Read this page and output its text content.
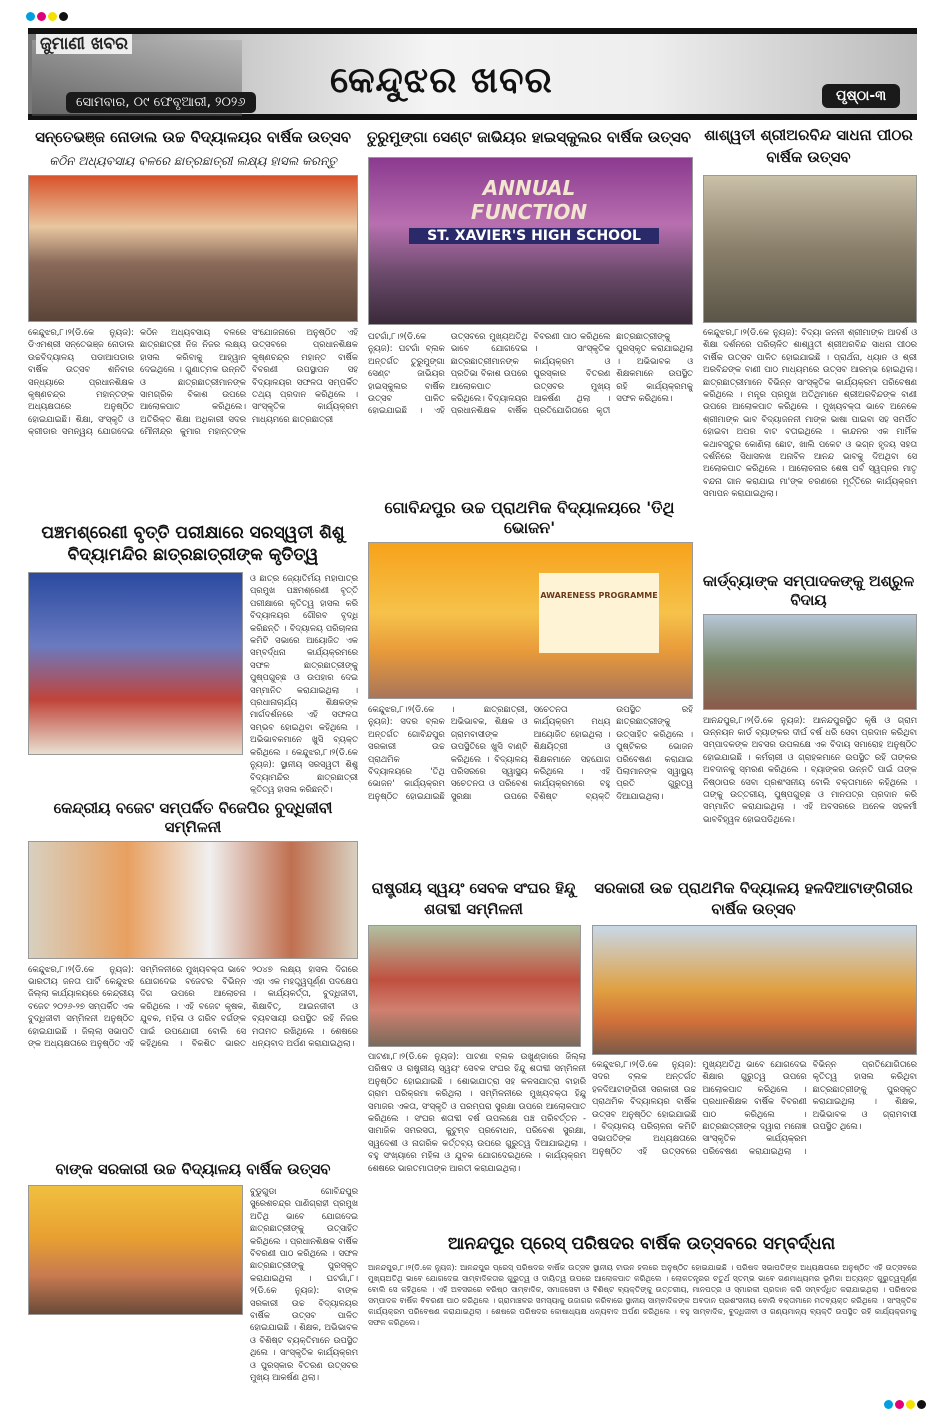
ଜୁମାଣୀ ଖବର
ସୋମବାର, ୦୯ ଫେବୃଆରୀ, ୨୦୨୬
କେନ୍ଦୁଝର ଖବର	ପୃଷ୍ଠା-୩
ସନ୍ତେଭଞ୍ଜ ନୋଡାଲ ଉଚ୍ଚ ବିଦ୍ୟାଳୟର ବାର୍ଷିକ ଉତ୍ସବ
କଠିନ ଅଧ୍ୟବସାୟ ବଳରେ ଛାତ୍ରଛାତ୍ରୀ ଲକ୍ଷ୍ୟ ହାସଲ କରନ୍ତୁ
କେନ୍ଦୁଝର,୮।୨(ଡି.କେ ନ୍ୟୁଜ): ଡିଏମଶ୍ରୀ ସନ୍ତେଭଞ୍ଜ ନୋଡାଲ ଉଚ୍ଚବିଦ୍ୟାଳୟ ପଡାଆପଡାର ବାର୍ଷିକ ଉତ୍ସବ ଶନିବାର ସନ୍ଧ୍ୟାରେ ପ୍ରଧାନଶିକ୍ଷକ କୃଷ୍ଣଚନ୍ଦ୍ର ମହାନ୍ତଙ୍କ ଅଧ୍ୟକ୍ଷତାରେ ଅନୁଷ୍ଠିତ ହୋଇଯାଇଛି। ଶିକ୍ଷା, ସଂସ୍କୃତି ଓ କ୍ରୀଡାର ସମନ୍ୱୟ ଯୋଗଦେଇ କଠିନ ଅଧ୍ୟବସାୟ ବଳରେ ଛାତ୍ରଛାତ୍ରୀ ନିଜ ନିଜର ଲକ୍ଷ୍ୟ ହାସଲ କରିବାକୁ ଆହ୍ୱାନ ଦେଇଥିଲେ । ଗୁଣାତ୍ମକ ଉନ୍ନତି ଓ ଛାତ୍ରଛାତ୍ରୀମାନଙ୍କ ସାମଗ୍ରିକ ବିକାଶ ଉପରେ ଆଲୋକପାତ କରିଥିଲେ। ଅତିରିକ୍ତ ଶିକ୍ଷା ଅଧିକାରୀ ସଦର ମୌନୀନ୍ଦ୍ର କୁମାର ମହାନ୍ତଙ୍କ ସଂଯୋଜନାରେ ଅନୁଷ୍ଠିତ ଏହି ଉତ୍ସବରେ ପ୍ରଧାନଶିକ୍ଷକ କୃଷ୍ଣଚନ୍ଦ୍ର ମହାନ୍ତ ବାର୍ଷିକ ବିବରଣୀ ଉପସ୍ଥାପନ ସହ ବିଦ୍ୟାଳୟର ସଫଳତା ସମ୍ପର୍କିତ ତଥ୍ୟ ପ୍ରଦାନ କରିଥିଲେ । ସାଂସ୍କୃତିକ କାର୍ଯ୍ୟକ୍ରମ ମାଧ୍ୟମରେ ଛାତ୍ରଛାତ୍ରୀ
ତୁରୁମୁଙ୍ଗା ସେଣ୍ଟ ଜାଭିୟର ହାଇସ୍କୁଲର ବାର୍ଷିକ ଉତ୍ସବ
ANNUAL FUNCTION
ST. XAVIER'S HIGH SCHOOL
ଘଟଗାଁ,୮।୨(ଡି.କେ ନ୍ୟୁଜ): ଘଟଗାଁ ବ୍ଲକ ଅନ୍ତର୍ଗତ ତୁରୁମୁଙ୍ଗା ସେଣ୍ଟ ଜାଭିୟର ହାଇସ୍କୁଲର ବାର୍ଷିକ ଉତ୍ସବ ପାଳିତ ହୋଇଯାଇଛି । ଏହି ଉତ୍ସବରେ ମୁଖ୍ୟଅତିଥି ଭାବେ ଯୋଗଦେଇ ଛାତ୍ରଛାତ୍ରୀମାନଙ୍କ ପ୍ରତିଭା ବିକାଶ ଉପରେ ଆଲୋକପାତ କରିଥିଲେ। ବିଦ୍ୟାଳୟର ପ୍ରଧାନଶିକ୍ଷକ ବାର୍ଷିକ ବିବରଣୀ ପାଠ କରିଥିଲେ । ସାଂସ୍କୃତିକ କାର୍ଯ୍ୟକ୍ରମ ଓ ପୁରସ୍କାର ବିତରଣ ଉତ୍ସବର ମୁଖ୍ୟ ଆକର୍ଷଣ ଥିଲା । ପ୍ରତିଯୋଗିତାରେ କୃତୀ ଛାତ୍ରଛାତ୍ରୀଙ୍କୁ ପୁରସ୍କୃତ କରାଯାଇଥିଲା । ଅଭିଭାବକ ଓ ଶିକ୍ଷକମାନେ ଉପସ୍ଥିତ ରହି କାର୍ଯ୍ୟକ୍ରମକୁ ସଫଳ କରିଥିଲେ।
ଶାଶ୍ୱତୀ ଶ୍ରୀଅରବିନ୍ଦ ସାଧନା ପୀଠର ବାର୍ଷିକ ଉତ୍ସବ
କେନ୍ଦୁଝର,୮।୨(ଡି.କେ ନ୍ୟୁଜ): ବିଦ୍ୟା ଜନନୀ ଶ୍ରୀମାଙ୍କ ଆଦର୍ଶ ଓ ଶିକ୍ଷା ଦର୍ଶନରେ ପରିଚାଳିତ ଶାଶ୍ୱତୀ ଶ୍ରୀଅରବିନ୍ଦ ସାଧନା ପୀଠର ବାର୍ଷିକ ଉତ୍ସବ ପାଳିତ ହୋଇଯାଇଛି । ପ୍ରାର୍ଥନା, ଧ୍ୟାନ ଓ ଶ୍ରୀ ଅରବିନ୍ଦଙ୍କ ବାଣୀ ପାଠ ମାଧ୍ୟମରେ ଉତ୍ସବ ଆରମ୍ଭ ହୋଇଥିଲା। ଛାତ୍ରଛାତ୍ରୀମାନେ ବିଭିନ୍ନ ସାଂସ୍କୃତିକ କାର୍ଯ୍ୟକ୍ରମ ପରିବେଷଣ କରିଥିଲେ । ମନ୍ତ୍ର ପ୍ରମୁଖ ଅତିଥିମାନେ ଶ୍ରୀଅରବିନ୍ଦଙ୍କ ବାଣୀ ଉପରେ ଆଲୋକପାତ କରିଥିଲେ । ମୁଖ୍ୟବକ୍ତା ଭାବେ ଅନେକେ ଶ୍ରୀମାଙ୍କ ଭାବ ବିଦ୍ୟାଜନନୀ ମାଙ୍କ ଭାଷା ପାଇବା ସହ ସମର୍ପିତ ହୋଇବା ଅପର ବାଟ ବତାଇଥିଲେ । କାନ୍ଦନର ଏକ ମାର୍ମିକ କଥାବସ୍ତୁର କୋଣିଲା ଛୋଟ, ଖାଲି ପକେଟ ଓ ଭଗ୍ନ ହୃଦୟ ସହତା ଦର୍ଶନିରେ ସିଧାସଳଖ ଅନାବିଳ ଆନନ୍ଦ ଭାବକୁ ଦିଅଥିବା ସେ ଅଲୋକପାତ କରିଥିଲେ । ଆଲୋଚନାର ଶେଷ ପର୍ବ ସ୍ୱପ୍ନର ମାତୃ ବନ୍ଦନା ଗାନ କରାଯାଇ ମା'ଙ୍କ ଚରଣରେ ମୂର୍ତ୍ତିରେ କାର୍ଯ୍ୟକ୍ରମ ସମାପନ କରାଯାଇଥିଲା।
ଗୋବିନ୍ଦପୁର ଉଚ୍ଚ ପ୍ରାଥମିକ ବିଦ୍ୟାଳୟରେ 'ତିଥି ଭୋଜନ'
AWARENESS PROGRAMME
କେନ୍ଦୁଝର,୮।୨(ଡି.କେ ନ୍ୟୁଜ): ସଦର ବ୍ଲକ ଅନ୍ତର୍ଗତ ଗୋବିନ୍ଦପୁର ସରକାରୀ ଉଚ୍ଚ ପ୍ରାଥମିକ ବିଦ୍ୟାଳୟରେ 'ତିଥି ଭୋଜନ' କାର୍ଯ୍ୟକ୍ରମ ଅନୁଷ୍ଠିତ ହୋଇଯାଇଛି । ଛାତ୍ରଛାତ୍ରୀ, ଅଭିଭାବକ, ଶିକ୍ଷକ ଓ ଗ୍ରାମବାସୀଙ୍କ ଉପସ୍ଥିତିରେ ଖୁସି ବାଣ୍ଟି କରିଥିଲେ । ବିଦ୍ୟାଳୟ ପରିସରରେ ସ୍ୱାସ୍ଥ୍ୟ ସଚେତନତା ଓ ପରିବେଶ ସୁରକ୍ଷା ଉପରେ ସଚେତନତା କାର୍ଯ୍ୟକ୍ରମ ମଧ୍ୟ ଆୟୋଜିତ ହୋଇଥିଲା । ଶିକ୍ଷୟିତ୍ରୀ ଓ ଶିକ୍ଷକମାନେ ସହଯୋଗ କରିଥିଲେ । ଏହି କାର୍ଯ୍ୟକ୍ରମରେ ବହୁ ବିଶିଷ୍ଟ ବ୍ୟକ୍ତି ଉପସ୍ଥିତ ରହି ଛାତ୍ରଛାତ୍ରୀଙ୍କୁ ଉତ୍ସାହିତ କରିଥିଲେ । ପୁଷ୍ଟିକର ଭୋଜନ ପରିବେଷଣ କରାଯାଇ ପିଲାମାନଙ୍କ ସ୍ୱାସ୍ଥ୍ୟ ପ୍ରତି ଗୁରୁତ୍ୱ ଦିଆଯାଇଥିଲା।
ପଞ୍ଚମଶ୍ରେଣୀ ବୃତ୍ତି ପରୀକ୍ଷାରେ ସରସ୍ୱତୀ ଶିଶୁ ବିଦ୍ୟାମନ୍ଦିର ଛାତ୍ରଛାତ୍ରୀଙ୍କ କୃତିତ୍ୱ
ଓ ଛାତ୍ର ଜ୍ୟୋତିର୍ମୟ ମହାପାତ୍ର ପ୍ରମୁଖ ପଞ୍ଚମଶ୍ରେଣୀ ବୃତ୍ତି ପରୀକ୍ଷାରେ କୃତିତ୍ୱ ହାସଲ କରି ବିଦ୍ୟାଳୟର ଗୌରବ ବୃଦ୍ଧି କରିଛନ୍ତି । ବିଦ୍ୟାଳୟ ପରିଚାଳନା କମିଟି ସଭାରେ ଆୟୋଜିତ ଏକ ସମ୍ବର୍ଦ୍ଧନା କାର୍ଯ୍ୟକ୍ରମରେ ସଫଳ ଛାତ୍ରଛାତ୍ରୀଙ୍କୁ ପୁଷ୍ପଗୁଚ୍ଛ ଓ ଉପହାର ଦେଇ ସମ୍ମାନିତ କରାଯାଇଥିଲା । ପ୍ରଧାନାଚାର୍ଯ୍ୟ ଶିକ୍ଷକଙ୍କ ମାର୍ଗଦର୍ଶନରେ ଏହି ସଫଳତା ସମ୍ଭବ ହୋଇଥିବା କହିଥିଲେ । ଅଭିଭାବକମାନେ ଖୁସି ବ୍ୟକ୍ତ କରିଥିଲେ । କେନ୍ଦୁଝର,୮।୨(ଡି.କେ ନ୍ୟୁଜ): ସ୍ଥାନୀୟ ସରସ୍ୱତୀ ଶିଶୁ ବିଦ୍ୟାମନ୍ଦିର ଛାତ୍ରଛାତ୍ରୀ କୃତିତ୍ୱ ହାସଲ କରିଛନ୍ତି।
କାର୍ଡ୍‌ବ୍ୟାଙ୍କ ସମ୍ପାଦକଙ୍କୁ ଅଶ୍ରୁଳ ବିଦାୟ
ଆନନ୍ଦପୁର,୮।୨(ଡି.କେ ନ୍ୟୁଜ): ଆନନ୍ଦପୁରସ୍ଥିତ କୃଷି ଓ ଗ୍ରାମ ଉନ୍ନୟନ କାର୍ଡ ବ୍ୟାଙ୍କର ଦୀର୍ଘ ବର୍ଷ ଧରି ସେବା ପ୍ରଦାନ କରିଥିବା ସମ୍ପାଦକଙ୍କ ଅବସର ଉପଲକ୍ଷେ ଏକ ବିଦାୟ ସମାରୋହ ଅନୁଷ୍ଠିତ ହୋଇଯାଇଛି । କର୍ମଚାରୀ ଓ ଗ୍ରାହକମାନେ ଉପସ୍ଥିତ ରହି ତାଙ୍କର ଅବଦାନକୁ ସ୍ମରଣ କରିଥିଲେ । ବ୍ୟାଙ୍କର ଉନ୍ନତି ପାଇଁ ତାଙ୍କ ନିଷ୍ଠାପର ସେବା ପ୍ରଶଂସନୀୟ ବୋଲି ବକ୍ତାମାନେ କହିଥିଲେ । ତାଙ୍କୁ ଉତ୍ତରୀୟ, ପୁଷ୍ପଗୁଚ୍ଛ ଓ ମାନପତ୍ର ପ୍ରଦାନ କରି ସମ୍ମାନିତ କରାଯାଇଥିଲା । ଏହି ଅବସରରେ ଅନେକ ସହକର୍ମୀ ଭାବବିହ୍ୱଳ ହୋଇପଡିଥିଲେ।
କେନ୍ଦ୍ରୀୟ ବଜେଟ ସମ୍ପର୍କିତ ବିଜେପିର ବୁଦ୍ଧିଜୀବୀ ସମ୍ମିଳନୀ
କେନ୍ଦୁଝର,୮।୨(ଡି.କେ ନ୍ୟୁଜ): ଭାରତୀୟ ଜନତା ପାର୍ଟି କେନ୍ଦୁଝର ଜିଲ୍ଲା କାର୍ଯ୍ୟାଳୟରେ କେନ୍ଦ୍ରୀୟ ବଜେଟ ୨୦୨୬-୨୭ ସମ୍ପର୍କିତ ଏକ ବୁଦ୍ଧିଜୀବୀ ସମ୍ମିଳନୀ ଅନୁଷ୍ଠିତ ହୋଇଯାଇଛି । ଜିଲ୍ଲା ସଭାପତି ଙ୍କ ଅଧ୍ୟକ୍ଷତାରେ ଅନୁଷ୍ଠିତ ଏହି ସମ୍ମିଳନୀରେ ମୁଖ୍ୟବକ୍ତା ଭାବେ ଯୋଗଦେଇ ବଜେଟର ବିଭିନ୍ନ ଦିଗ ଉପରେ ଆଲୋଚନା କରିଥିଲେ । ଏହି ବଜେଟ କୃଷକ, ଯୁବକ, ମହିଳା ଓ ଗରିବ ବର୍ଗଙ୍କ ପାଇଁ ଉପଯୋଗୀ ବୋଲି ସେ କହିଥିଲେ । ବିକଶିତ ଭାରତ ୨୦୪୭ ଲକ୍ଷ୍ୟ ହାସଲ ଦିଗରେ ଏହା ଏକ ମହତ୍ତ୍ୱପୂର୍ଣ୍ଣ ପଦକ୍ଷେପ । କାର୍ଯ୍ୟକର୍ତ୍ତା, ବୁଦ୍ଧିଜୀବୀ, ଶିକ୍ଷାବିତ୍, ଆଇନଜୀବୀ ଓ ବ୍ୟବସାୟୀ ଉପସ୍ଥିତ ରହି ନିଜର ମତାମତ ରଖିଥିଲେ । ଶେଷରେ ଧନ୍ୟବାଦ ଅର୍ପଣ କରାଯାଇଥିଲା।
ରାଷ୍ଟ୍ରୀୟ ସ୍ୱୟଂ ସେବକ ସଂଘର ହିନ୍ଦୁ ଶତାବ୍ଦୀ ସମ୍ମିଳନୀ
ପାଟଣା,୮।୨(ଡି.କେ ନ୍ୟୁଜ): ପାଟଣା ବ୍ଲକ ଉଖୁଣ୍ଡାରେ ଜିଲ୍ଲା ପରିଷଦ ଓ ରାଷ୍ଟ୍ରୀୟ ସ୍ୱୟଂ ସେବକ ସଂଘର ହିନ୍ଦୁ ଶତାବ୍ଦୀ ସମ୍ମିଳନୀ ଅନୁଷ୍ଠିତ ହୋଇଯାଇଛି । ଶୋଭାଯାତ୍ରା ସହ କଳସଯାତ୍ରା ବାହାରି ଗ୍ରାମ ପରିକ୍ରମା କରିଥିଲା । ସମ୍ମିଳନୀରେ ମୁଖ୍ୟବକ୍ତା ହିନ୍ଦୁ ସମାଜର ଏକତା, ସଂସ୍କୃତି ଓ ପରମ୍ପରା ସୁରକ୍ଷା ଉପରେ ଆଲୋକପାତ କରିଥିଲେ । ସଂଘର ଶତାବ୍ଦୀ ବର୍ଷ ଉପଲକ୍ଷେ ପଞ୍ଚ ପରିବର୍ତ୍ତନ - ସାମାଜିକ ସମରସତା, କୁଟୁମ୍ବ ପ୍ରବୋଧନ, ପରିବେଶ ସୁରକ୍ଷା, ସ୍ୱଦେଶୀ ଓ ନାଗରିକ କର୍ତ୍ତବ୍ୟ ଉପରେ ଗୁରୁତ୍ୱ ଦିଆଯାଇଥିଲା । ବହୁ ସଂଖ୍ୟାରେ ମହିଳା ଓ ଯୁବକ ଯୋଗଦେଇଥିଲେ । କାର୍ଯ୍ୟକ୍ରମ ଶେଷରେ ଭାରତମାତାଙ୍କ ଆରତୀ କରାଯାଇଥିଲା।
ସରକାରୀ ଉଚ୍ଚ ପ୍ରାଥମିକ ବିଦ୍ୟାଳୟ ହଳଦିଆଟାଙ୍ଗିରୀର ବାର୍ଷିକ ଉତ୍ସବ
କେନ୍ଦୁଝର,୮।୨(ଡି.କେ ନ୍ୟୁଜ): ସଦର ବ୍ଲକ ଅନ୍ତର୍ଗତ ହଳଦିଆଟାଙ୍ଗିରୀ ସରକାରୀ ଉଚ୍ଚ ପ୍ରାଥମିକ ବିଦ୍ୟାଳୟର ବାର୍ଷିକ ଉତ୍ସବ ଅନୁଷ୍ଠିତ ହୋଇଯାଇଛି । ବିଦ୍ୟାଳୟ ପରିଚାଳନା କମିଟି ସଭାପତିଙ୍କ ଅଧ୍ୟକ୍ଷତାରେ ଅନୁଷ୍ଠିତ ଏହି ଉତ୍ସବରେ ମୁଖ୍ୟଅତିଥି ଭାବେ ଯୋଗଦେଇ ଶିକ୍ଷାର ଗୁରୁତ୍ୱ ଉପରେ ଆଲୋକପାତ କରିଥିଲେ । ପ୍ରଧାନଶିକ୍ଷକ ବାର୍ଷିକ ବିବରଣୀ ପାଠ କରିଥିଲେ । ଛାତ୍ରଛାତ୍ରୀଙ୍କ ଦ୍ୱାରା ମନୋଜ୍ଞ ସାଂସ୍କୃତିକ କାର୍ଯ୍ୟକ୍ରମ ପରିବେଷଣ କରାଯାଇଥିଲା । ବିଭିନ୍ନ ପ୍ରତିଯୋଗିତାରେ କୃତିତ୍ୱ ହାସଲ କରିଥିବା ଛାତ୍ରଛାତ୍ରୀଙ୍କୁ ପୁରସ୍କୃତ କରାଯାଇଥିଲା । ଶିକ୍ଷକ, ଅଭିଭାବକ ଓ ଗ୍ରାମବାସୀ ଉପସ୍ଥିତ ଥିଲେ।
ବାଙ୍କ ସରକାରୀ ଉଚ୍ଚ ବିଦ୍ୟାଳୟ ବାର୍ଷିକ ଉତ୍ସବ
ବୁଡୁଗୁଡା ଗୋବିନ୍ଦପୁର ସୁରେଶଚନ୍ଦ୍ର ପାଣିଗ୍ରାହୀ ପ୍ରମୁଖ ଅତିଥି ଭାବେ ଯୋଗଦେଇ ଛାତ୍ରଛାତ୍ରୀଙ୍କୁ ଉତ୍ସାହିତ କରିଥିଲେ । ପ୍ରଧାନଶିକ୍ଷକ ବାର୍ଷିକ ବିବରଣୀ ପାଠ କରିଥିଲେ । ସଫଳ ଛାତ୍ରଛାତ୍ରୀଙ୍କୁ ପୁରସ୍କୃତ କରାଯାଇଥିଲା । ଘଟଗାଁ,୮।୨(ଡି.କେ ନ୍ୟୁଜ): ବାଙ୍କ ସରକାରୀ ଉଚ୍ଚ ବିଦ୍ୟାଳୟର ବାର୍ଷିକ ଉତ୍ସବ ପାଳିତ ହୋଇଯାଇଛି । ଶିକ୍ଷକ, ଅଭିଭାବକ ଓ ବିଶିଷ୍ଟ ବ୍ୟକ୍ତିମାନେ ଉପସ୍ଥିତ ଥିଲେ । ସାଂସ୍କୃତିକ କାର୍ଯ୍ୟକ୍ରମ ଓ ପୁରସ୍କାର ବିତରଣ ଉତ୍ସବର ମୁଖ୍ୟ ଆକର୍ଷଣ ଥିଲା।
ଆନନ୍ଦପୁର ପ୍ରେସ୍ ପରିଷଦର ବାର୍ଷିକ ଉତ୍ସବରେ ସମ୍ବର୍ଦ୍ଧନା
ଆନନ୍ଦପୁର,୮।୨(ଡି.କେ ନ୍ୟୁଜ): ଆନନ୍ଦପୁର ପ୍ରେସ୍ ପରିଷଦର ବାର୍ଷିକ ଉତ୍ସବ ସ୍ଥାନୀୟ ଟାଉନ ହଲରେ ଅନୁଷ୍ଠିତ ହୋଇଯାଇଛି । ପରିଷଦ ସଭାପତିଙ୍କ ଅଧ୍ୟକ୍ଷତାରେ ଅନୁଷ୍ଠିତ ଏହି ଉତ୍ସବରେ ମୁଖ୍ୟଅତିଥି ଭାବେ ଯୋଗଦେଇ ସାମ୍ବାଦିକତାର ଗୁରୁତ୍ୱ ଓ ଦାୟିତ୍ୱ ଉପରେ ଆଲୋକପାତ କରିଥିଲେ । ଲୋକତନ୍ତ୍ରର ଚତୁର୍ଥ ସ୍ତମ୍ଭ ଭାବେ ଗଣମାଧ୍ୟମର ଭୂମିକା ଅତ୍ୟନ୍ତ ଗୁରୁତ୍ୱପୂର୍ଣ୍ଣ ବୋଲି ସେ କହିଥିଲେ । ଏହି ଅବସରରେ ବରିଷ୍ଠ ସାମ୍ବାଦିକ, ସମାଜସେବୀ ଓ ବିଶିଷ୍ଟ ବ୍ୟକ୍ତିଙ୍କୁ ଉତ୍ତରୀୟ, ମାନପତ୍ର ଓ ସ୍ମାରକୀ ପ୍ରଦାନ କରି ସମ୍ବର୍ଦ୍ଧିତ କରାଯାଇଥିଲା । ପରିଷଦର ସମ୍ପାଦକ ବାର୍ଷିକ ବିବରଣୀ ପାଠ କରିଥିଲେ । ଗ୍ରାମାଞ୍ଚଳର ସମସ୍ୟାକୁ ଉଜାଗର କରିବାରେ ସ୍ଥାନୀୟ ସାମ୍ବାଦିକଙ୍କ ଅବଦାନ ପ୍ରଶଂସନୀୟ ବୋଲି ବକ୍ତାମାନେ ମତବ୍ୟକ୍ତ କରିଥିଲେ । ସାଂସ୍କୃତିକ କାର୍ଯ୍ୟକ୍ରମ ପରିବେଷଣ କରାଯାଇଥିଲା । ଶେଷରେ ପରିଷଦର କୋଷାଧ୍ୟକ୍ଷ ଧନ୍ୟବାଦ ଅର୍ପଣ କରିଥିଲେ । ବହୁ ସାମ୍ବାଦିକ, ବୁଦ୍ଧିଜୀବୀ ଓ ଗଣ୍ୟମାନ୍ୟ ବ୍ୟକ୍ତି ଉପସ୍ଥିତ ରହି କାର୍ଯ୍ୟକ୍ରମକୁ ସଫଳ କରିଥିଲେ।
